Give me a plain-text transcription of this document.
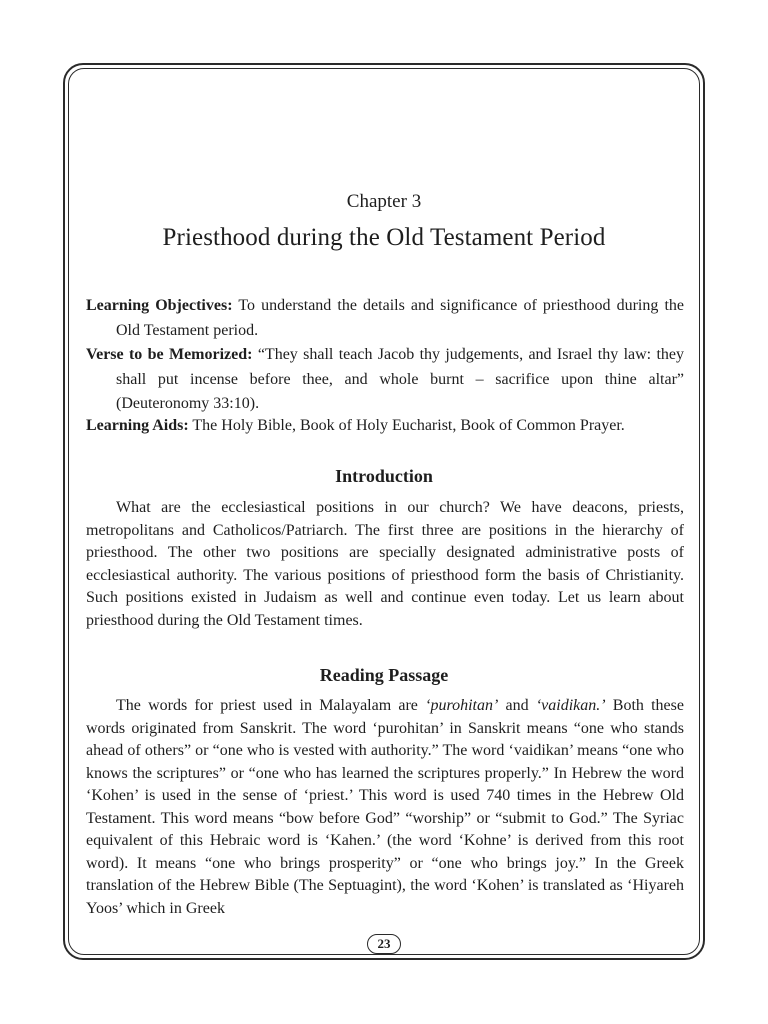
Chapter 3
Priesthood during the Old Testament Period

Learning Objectives: To understand the details and significance of priesthood during the Old Testament period.

Verse to be Memorized: “They shall teach Jacob thy judgements, and Israel thy law: they shall put incense before thee, and whole burnt – sacrifice upon thine altar” (Deuteronomy 33:10).

Learning Aids: The Holy Bible, Book of Holy Eucharist, Book of Common Prayer.

Introduction

What are the ecclesiastical positions in our church? We have deacons, priests, metropolitans and Catholicos/Patriarch. The first three are positions in the hierarchy of priesthood. The other two positions are specially designated administrative posts of ecclesiastical authority. The various positions of priesthood form the basis of Christianity. Such positions existed in Judaism as well and continue even today. Let us learn about priesthood during the Old Testament times.

Reading Passage

The words for priest used in Malayalam are ‘purohitan’ and ‘vaidikan.’ Both these words originated from Sanskrit. The word ‘purohitan’ in Sanskrit means “one who stands ahead of others” or “one who is vested with authority.” The word ‘vaidikan’ means “one who knows the scriptures” or “one who has learned the scriptures properly.” In Hebrew the word ‘Kohen’ is used in the sense of ‘priest.’ This word is used 740 times in the Hebrew Old Testament. This word means “bow before God” “worship” or “submit to God.” The Syriac equivalent of this Hebraic word is ‘Kahen.’ (the word ‘Kohne’ is derived from this root word). It means “one who brings prosperity” or “one who brings joy.” In the Greek translation of the Hebrew Bible (The Septuagint), the word ‘Kohen’ is translated as ‘Hiyareh Yoos’ which in Greek

23
